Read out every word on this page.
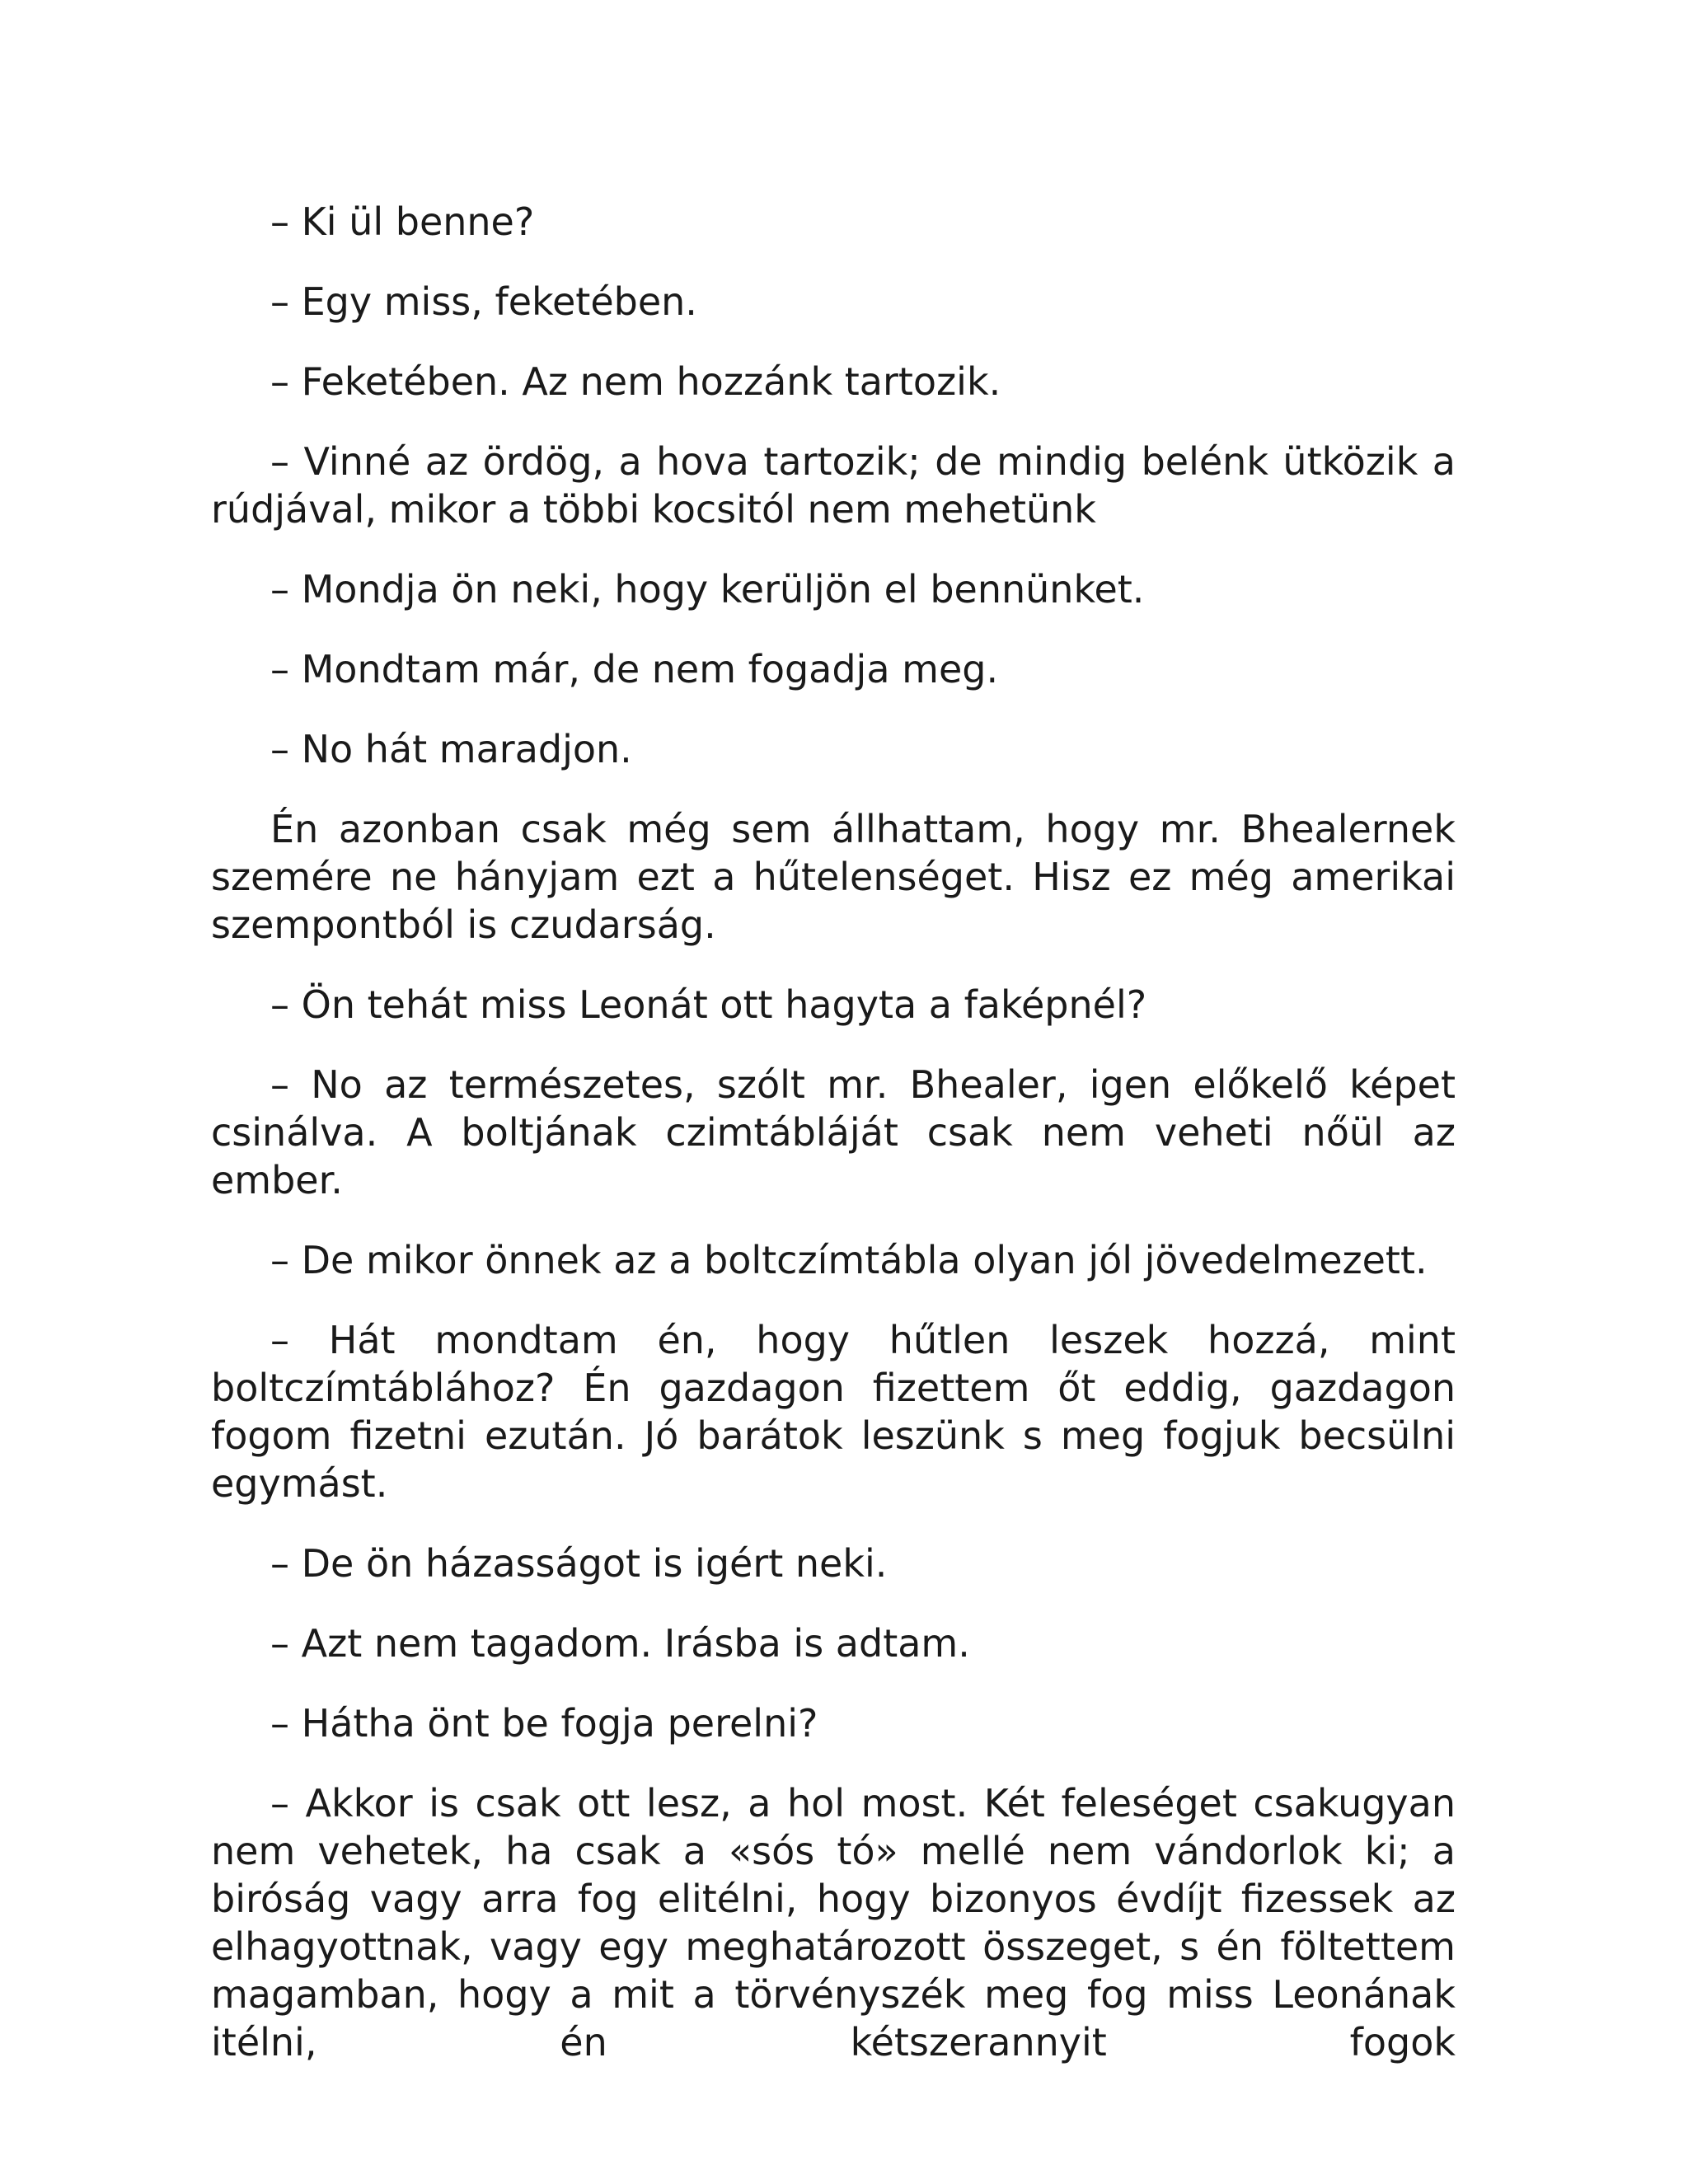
– Ki ül benne?

– Egy miss, feketében.

– Feketében. Az nem hozzánk tartozik.

– Vinné az ördög, a hova tartozik; de mindig belénk ütközik a rúdjával, mikor a többi kocsitól nem mehetünk

– Mondja ön neki, hogy kerüljön el bennünket.

– Mondtam már, de nem fogadja meg.

– No hát maradjon.

Én azonban csak még sem állhattam, hogy mr. Bhealernek szemére ne hányjam ezt a hűtelenséget. Hisz ez még amerikai szempontból is czudarság.

– Ön tehát miss Leonát ott hagyta a faképnél?

– No az természetes, szólt mr. Bhealer, igen előkelő képet csinálva. A boltjának czimtábláját csak nem veheti nőül az ember.

– De mikor önnek az a boltczímtábla olyan jól jövedelmezett.

– Hát mondtam én, hogy hűtlen leszek hozzá, mint boltczímtáblához? Én gazdagon fizettem őt eddig, gazdagon fogom fizetni ezután. Jó barátok leszünk s meg fogjuk becsülni egymást.

– De ön házasságot is igért neki.

– Azt nem tagadom. Irásba is adtam.

– Hátha önt be fogja perelni?

– Akkor is csak ott lesz, a hol most. Két feleséget csakugyan nem vehetek, ha csak a «sós tó» mellé nem vándorlok ki; a biróság vagy arra fog elitélni, hogy bizonyos évdíjt fizessek az elhagyottnak, vagy egy meghatározott összeget, s én föltettem magamban, hogy a mit a törvényszék meg fog miss Leonának itélni, én kétszerannyit fogok
